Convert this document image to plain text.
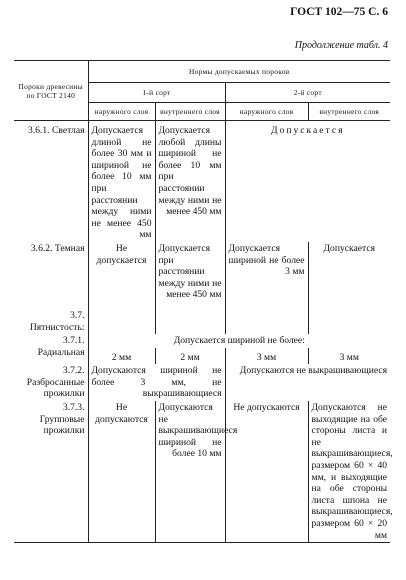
ГОСТ 102—75 С. 6
Продолжение табл. 4
Пороки древесины по ГОСТ 2140	Нормы допускаемых пороков			
	1-й сорт		2-й сорт	
	наружного слоя	внутреннего слоя	наружного слоя	внутреннего слоя
3.6.1. Светлая	Допускается длиной не более 30 мм и шириной не более 10 мм при расстоянии между ними не менее 450 мм	Допускается любой длины шириной не более 10 мм при расстоянии между ними не менее 450 мм	Допускается	
3.6.2. Темная	Не допускается	Допускается при расстоянии между ними не менее 450 мм	Допускается шириной не более 3 мм	Допускается
3.7. Пятнистость:				
3.7.1. Радиальная	Допускается шириной не более:			
	2 мм	2 мм	3 мм	3 мм
3.7.2. Разбросанные прожилки	Допускаются шириной не более 3 мм, не выкрашивающиеся		Допускаются не выкрашивающиеся	
3.7.3. Групповые прожилки	Не допускаются	Допускаются не выкрашивающиеся шириной не более 10 мм	Не допускаются	Допускаются не выходящие на обе стороны листа и не выкрашивающиеся, размером 60 × 40 мм, и выходящие на обе стороны листа шпона не выкрашивающиеся, размером 60 × 20 мм
